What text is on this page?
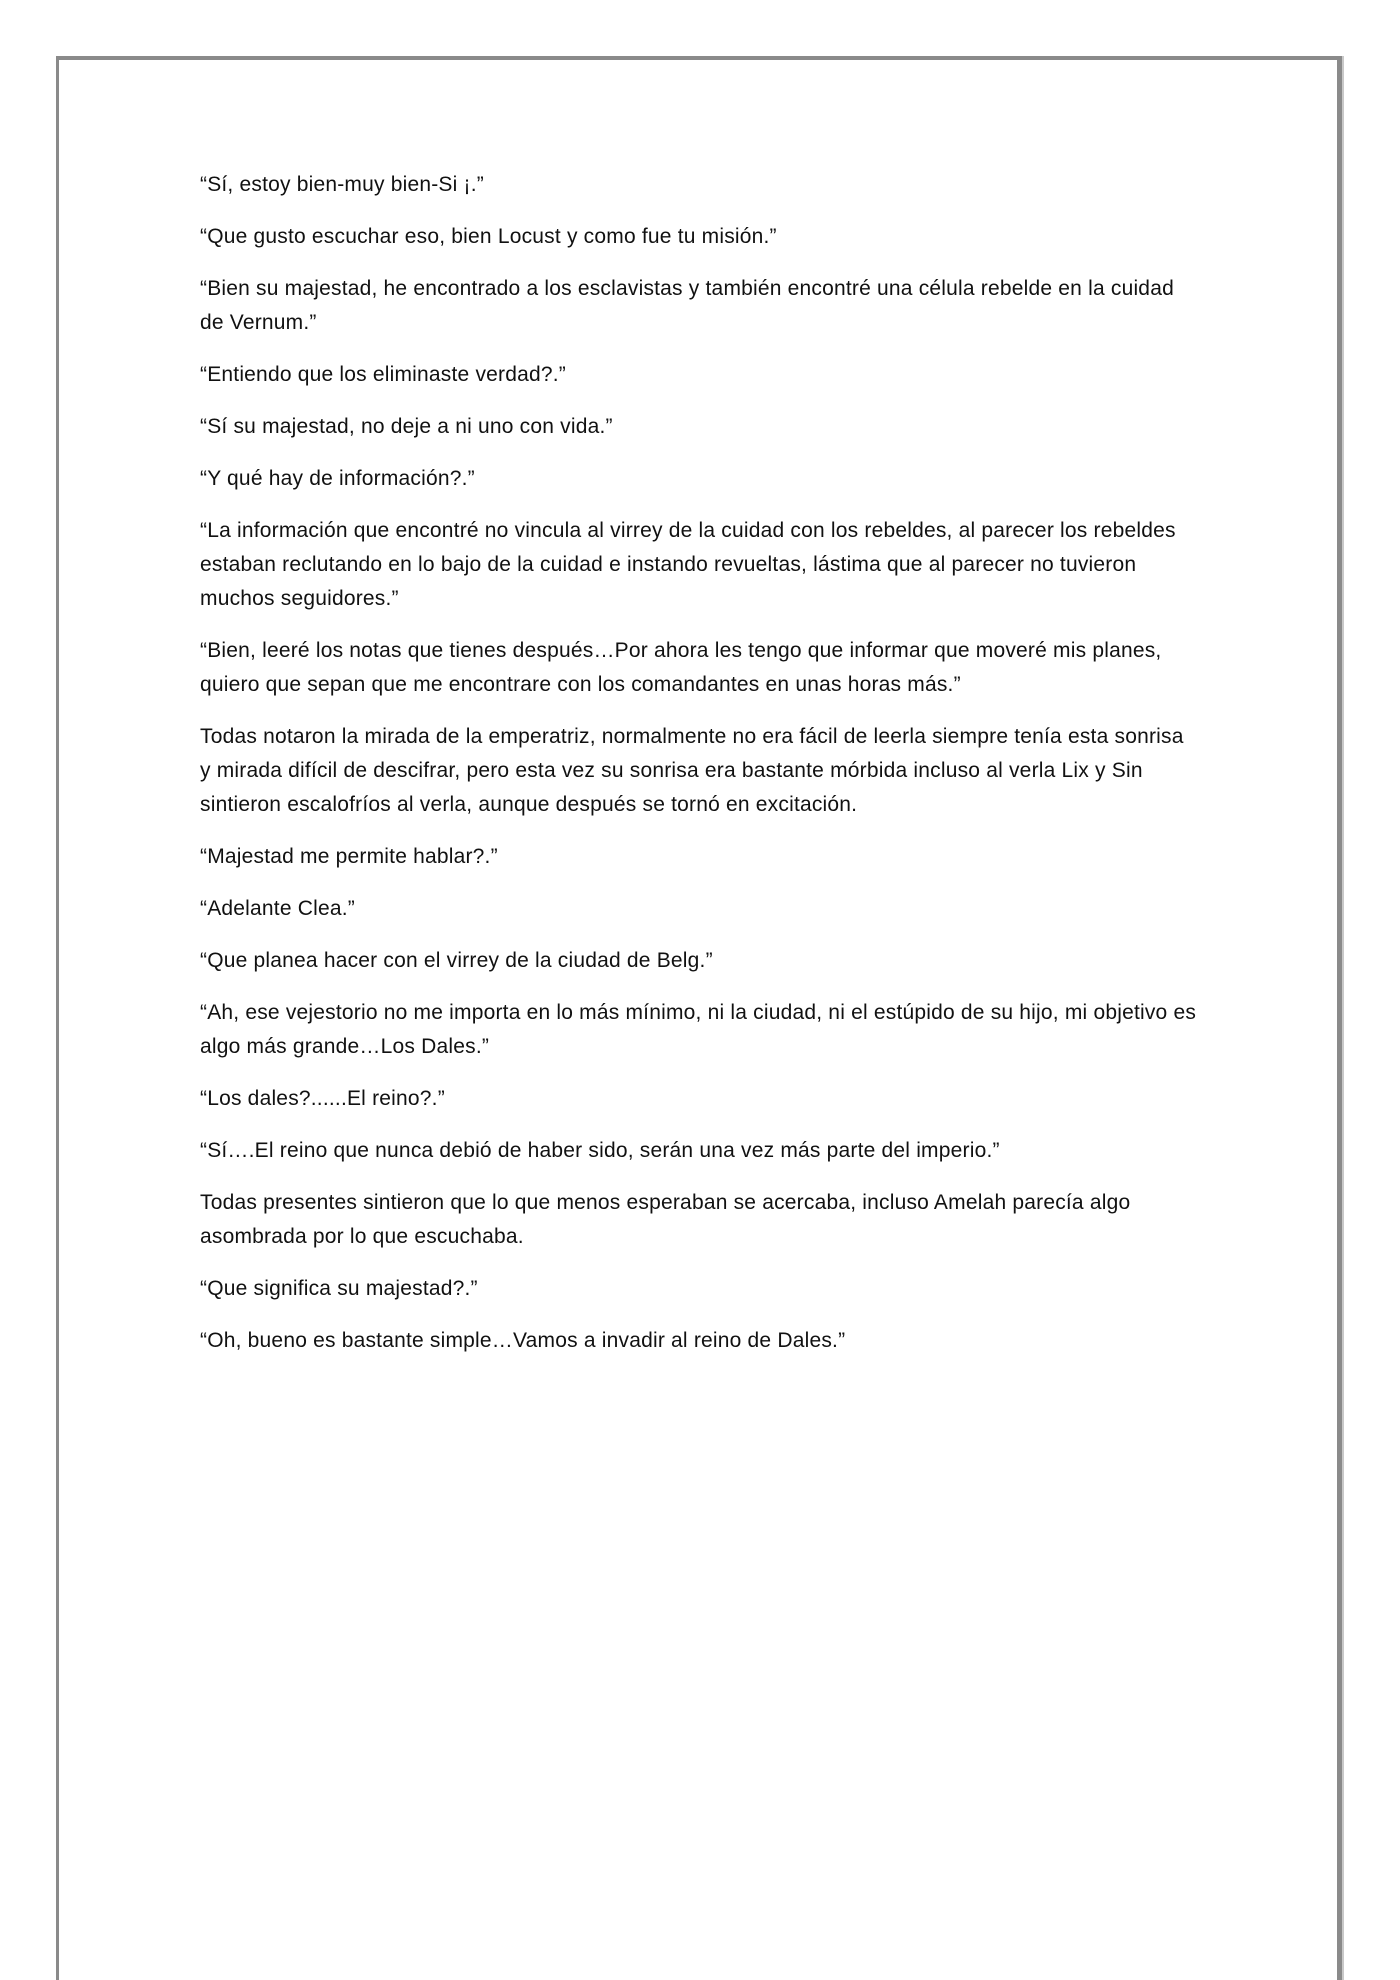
“Sí, estoy bien-muy bien-Si ¡.”

“Que gusto escuchar eso, bien Locust y como fue tu misión.”

“Bien su majestad, he encontrado a los esclavistas y también encontré una célula rebelde en la cuidad de Vernum.”

“Entiendo que los eliminaste verdad?.”

“Sí su majestad, no deje a ni uno con vida.”

“Y qué hay de información?.”

“La información que encontré no vincula al virrey de la cuidad con los rebeldes, al parecer los rebeldes estaban reclutando en lo bajo de la cuidad e instando revueltas, lástima que al parecer no tuvieron muchos seguidores.”

“Bien, leeré los notas que tienes después…Por ahora les tengo que informar que moveré mis planes, quiero que sepan que me encontrare con los comandantes en unas horas más.”

Todas notaron la mirada de la emperatriz, normalmente no era fácil de leerla siempre tenía esta sonrisa y mirada difícil de descifrar, pero esta vez su sonrisa era bastante mórbida incluso al verla Lix y Sin sintieron escalofríos al verla, aunque después se tornó en excitación.

“Majestad me permite hablar?.”

“Adelante Clea.”

“Que planea hacer con el virrey de la ciudad de Belg.”

“Ah, ese vejestorio no me importa en lo más mínimo, ni la ciudad, ni el estúpido de su hijo, mi objetivo es algo más grande…Los Dales.”

“Los dales?......El reino?.”

“Sí….El reino que nunca debió de haber sido, serán una vez más parte del imperio.”

Todas presentes sintieron que lo que menos esperaban se acercaba, incluso Amelah parecía algo asombrada por lo que escuchaba.

“Que significa su majestad?.”

“Oh, bueno es bastante simple…Vamos a invadir al reino de Dales.”
